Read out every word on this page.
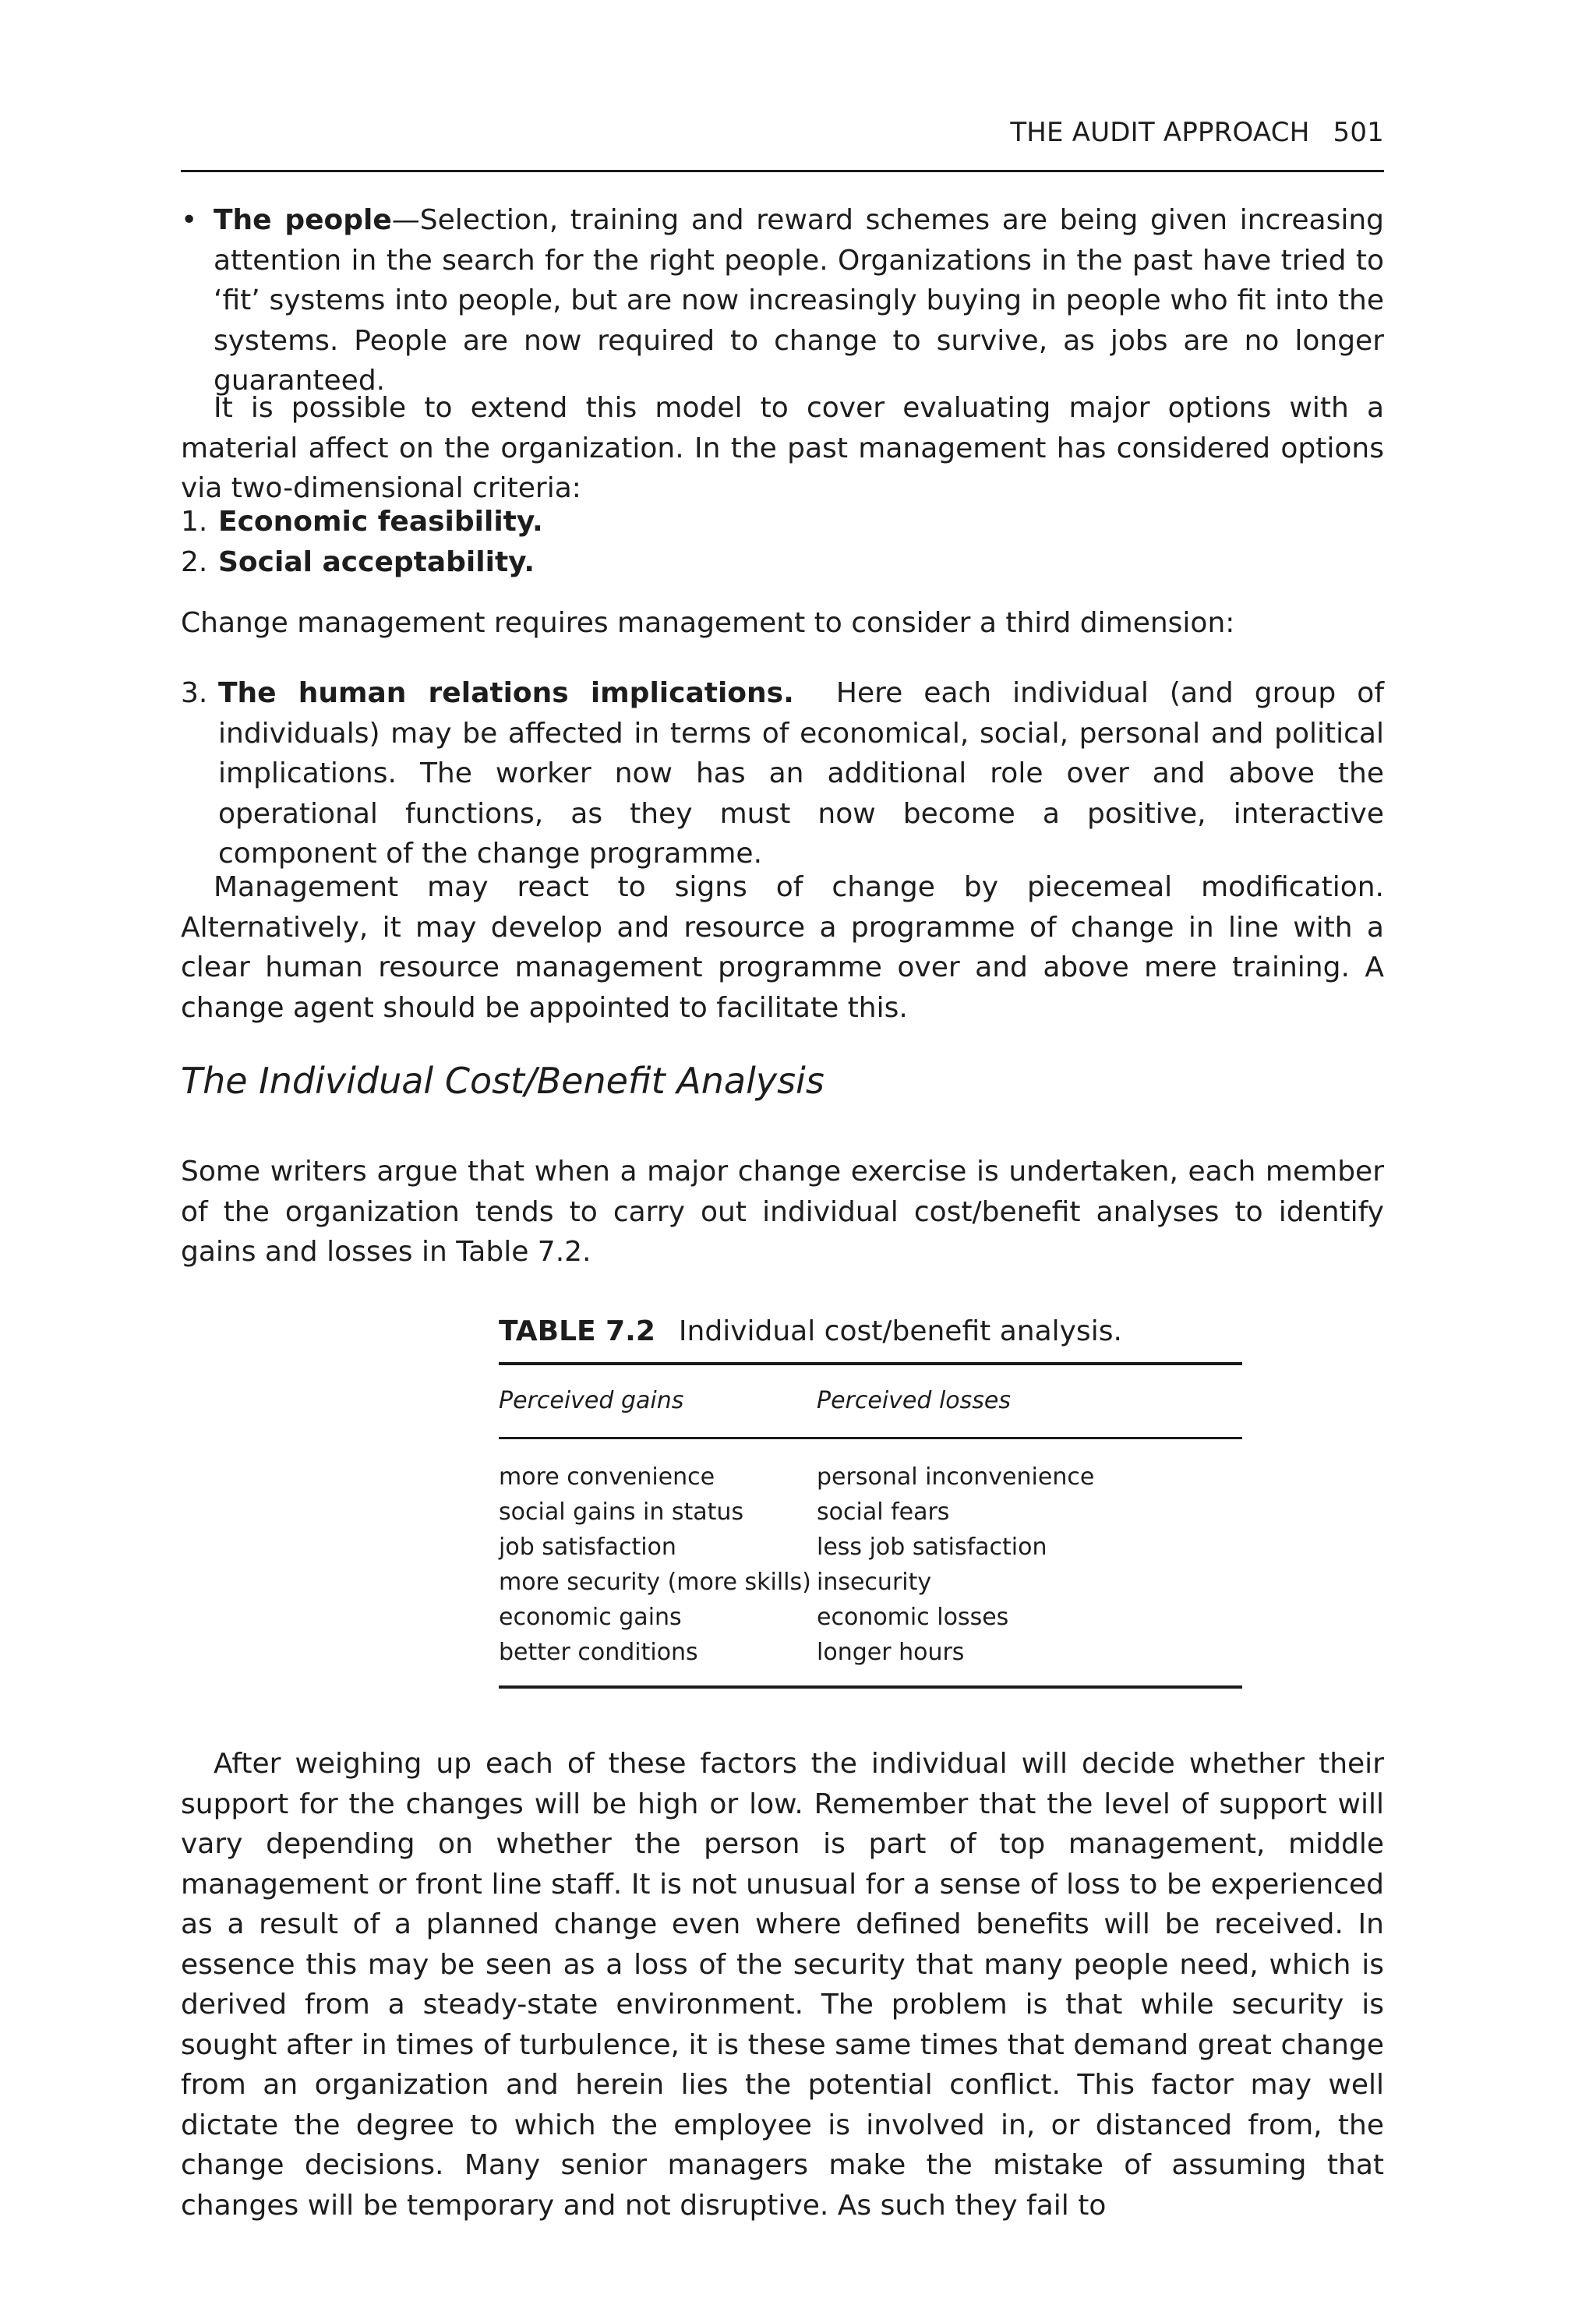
THE AUDIT APPROACH 501
• The people—Selection, training and reward schemes are being given increasing attention in the search for the right people. Organizations in the past have tried to ‘fit’ systems into people, but are now increasingly buying in people who fit into the systems. People are now required to change to survive, as jobs are no longer guaranteed.

It is possible to extend this model to cover evaluating major options with a material affect on the organization. In the past management has considered options via two-dimensional criteria:

1. Economic feasibility.
2. Social acceptability.

Change management requires management to consider a third dimension:

3. The human relations implications. Here each individual (and group of individuals) may be affected in terms of economical, social, personal and political implications. The worker now has an additional role over and above the operational functions, as they must now become a positive, interactive component of the change programme.

Management may react to signs of change by piecemeal modification. Alternatively, it may develop and resource a programme of change in line with a clear human resource management programme over and above mere training. A change agent should be appointed to facilitate this.

The Individual Cost/Benefit Analysis

Some writers argue that when a major change exercise is undertaken, each member of the organization tends to carry out individual cost/benefit analyses to identify gains and losses in Table 7.2.

TABLE 7.2 Individual cost/benefit analysis.
Perceived gains	Perceived losses
more convenience	personal inconvenience
social gains in status	social fears
job satisfaction	less job satisfaction
more security (more skills)	insecurity
economic gains	economic losses
better conditions	longer hours

After weighing up each of these factors the individual will decide whether their support for the changes will be high or low. Remember that the level of support will vary depending on whether the person is part of top management, middle management or front line staff. It is not unusual for a sense of loss to be experienced as a result of a planned change even where defined benefits will be received. In essence this may be seen as a loss of the security that many people need, which is derived from a steady-state environment. The problem is that while security is sought after in times of turbulence, it is these same times that demand great change from an organization and herein lies the potential conflict. This factor may well dictate the degree to which the employee is involved in, or distanced from, the change decisions. Many senior managers make the mistake of assuming that changes will be temporary and not disruptive. As such they fail to
